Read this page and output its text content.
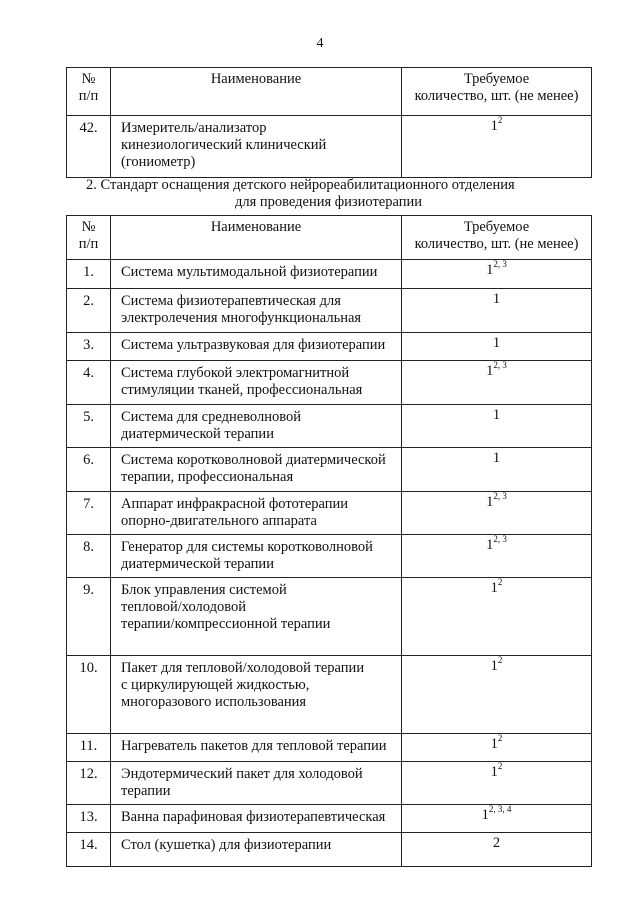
4
№
п/п	Наименование	Требуемое
количество, шт. (не менее)
42.	Измеритель/анализатор
кинезиологический клинический
(гониометр)	$1^2$
2. Стандарт оснащения детского нейрореабилитационного отделения
для проведения физиотерапии
№
п/п	Наименование	Требуемое
количество, шт. (не менее)
1.	Система мультимодальной физиотерапии	1$^{2, 3}$
2.	Система физиотерапевтическая для
электролечения многофункциональная	1
3.	Система ультразвуковая для физиотерапии	1
4.	Система глубокой электромагнитной
стимуляции тканей, профессиональная	1$^{2, 3}$
5.	Система для средневолновой
диатермической терапии	1
6.	Система коротковолновой диатермической
терапии, профессиональная	1
7.	Аппарат инфракрасной фототерапии
опорно-двигательного аппарата	1$^{2, 3}$
8.	Генератор для системы коротковолновой
диатермической терапии	1$^{2, 3}$
9.	Блок управления системой
тепловой/холодовой
терапии/компрессионной терапии	$1^2$
10.	Пакет для тепловой/холодовой терапии
с циркулирующей жидкостью,
многоразового использования	$1^2$
11.	Нагреватель пакетов для тепловой терапии	$1^2$
12.	Эндотермический пакет для холодовой
терапии	$1^2$
13.	Ванна парафиновая физиотерапевтическая	1$^{2, 3, 4}$
14.	Стол (кушетка) для физиотерапии	2
